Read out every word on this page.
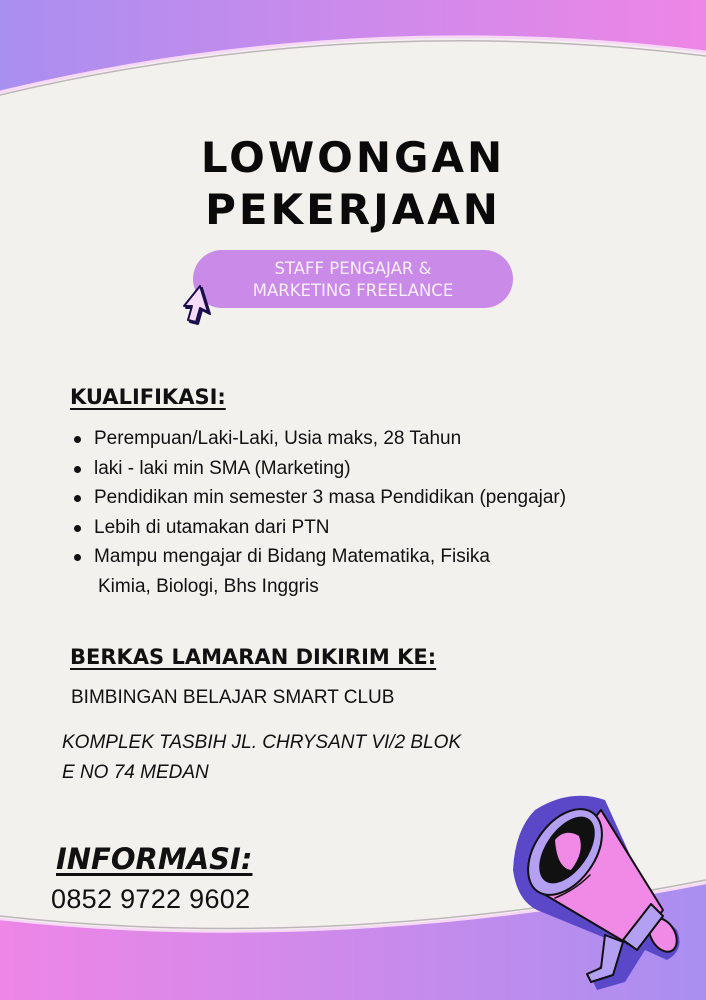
LOWONGAN
PEKERJAAN
STAFF PENGAJAR &
MARKETING FREELANCE
KUALIFIKASI:
Perempuan/Laki-Laki, Usia maks, 28 Tahun
laki - laki min SMA (Marketing)
Pendidikan min semester 3 masa Pendidikan (pengajar)
Lebih di utamakan dari PTN
Mampu mengajar di Bidang Matematika, Fisika
Kimia, Biologi, Bhs Inggris
BERKAS LAMARAN DIKIRIM KE:
BIMBINGAN BELAJAR SMART CLUB
KOMPLEK TASBIH JL. CHRYSANT VI/2 BLOK
E NO 74 MEDAN
INFORMASI:
0852 9722 9602
